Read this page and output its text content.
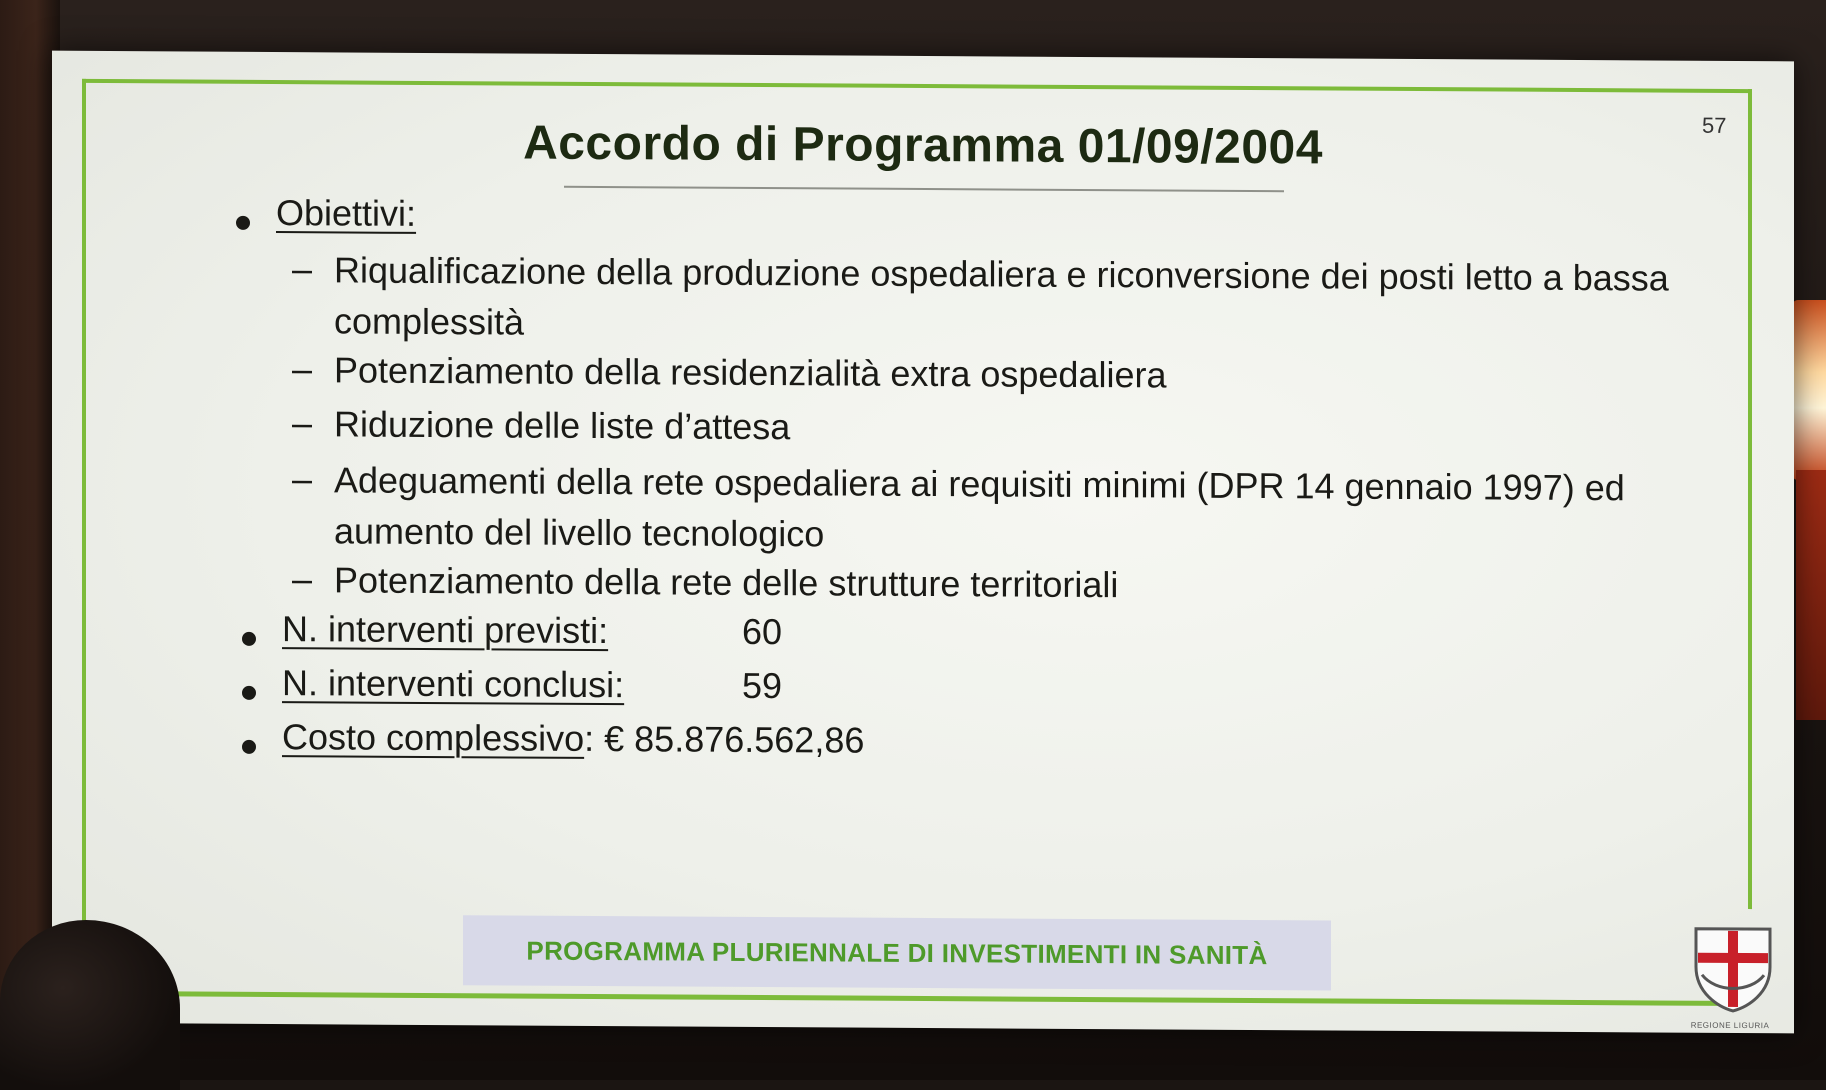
57
Accordo di Programma 01/09/2004
Obiettivi:
– Riqualificazione della produzione ospedaliera e riconversione dei posti letto a bassa complessità
– Potenziamento della residenzialità extra ospedaliera
– Riduzione delle liste d’attesa
– Adeguamenti della rete ospedaliera ai requisiti minimi (DPR 14 gennaio 1997) ed aumento del livello tecnologico
– Potenziamento della rete delle strutture territoriali
N. interventi previsti:	60
N. interventi conclusi:	59
Costo complessivo: € 85.876.562,86
PROGRAMMA PLURIENNALE DI INVESTIMENTI IN SANITÀ
REGIONE LIGURIA
